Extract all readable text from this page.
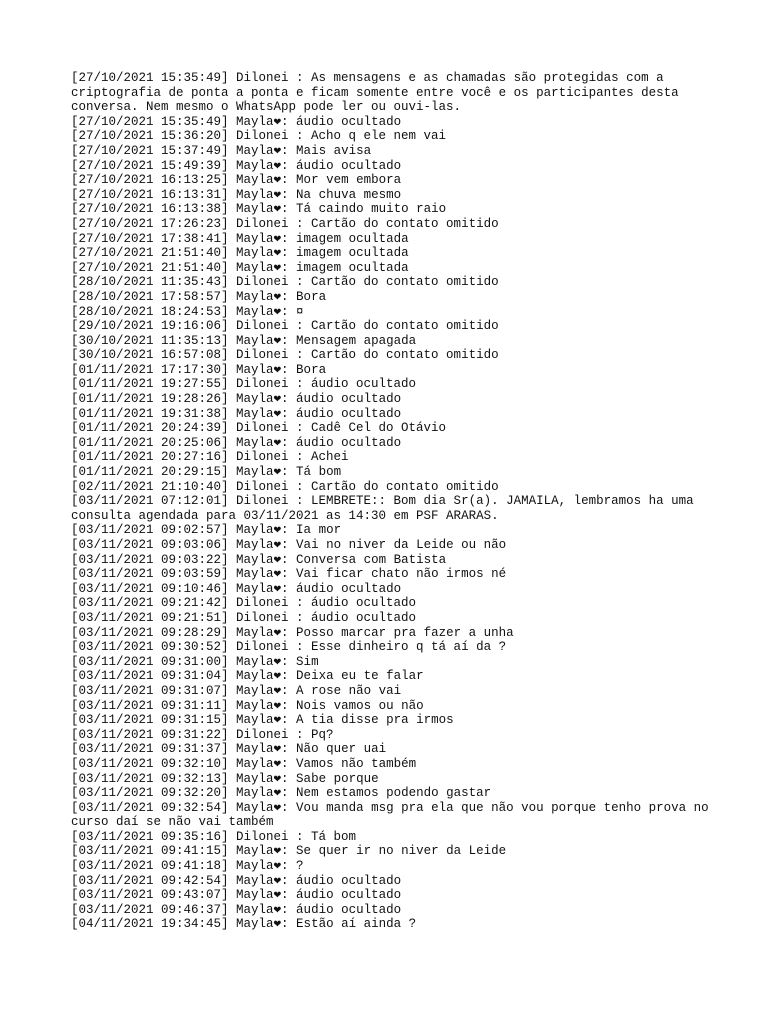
[27/10/2021 15:35:49] Dilonei : As mensagens e as chamadas são protegidas com a criptografia de ponta a ponta e ficam somente entre você e os participantes desta conversa. Nem mesmo o WhatsApp pode ler ou ouvi-las.
[27/10/2021 15:35:49] Mayla❤: áudio ocultado
[27/10/2021 15:36:20] Dilonei : Acho q ele nem vai
[27/10/2021 15:37:49] Mayla❤: Mais avisa
[27/10/2021 15:49:39] Mayla❤: áudio ocultado
[27/10/2021 16:13:25] Mayla❤: Mor vem embora
[27/10/2021 16:13:31] Mayla❤: Na chuva mesmo
[27/10/2021 16:13:38] Mayla❤: Tá caindo muito raio
[27/10/2021 17:26:23] Dilonei : Cartão do contato omitido
[27/10/2021 17:38:41] Mayla❤: imagem ocultada
[27/10/2021 21:51:40] Mayla❤: imagem ocultada
[27/10/2021 21:51:40] Mayla❤: imagem ocultada
[28/10/2021 11:35:43] Dilonei : Cartão do contato omitido
[28/10/2021 17:58:57] Mayla❤: Bora
[28/10/2021 18:24:53] Mayla❤: ¤
[29/10/2021 19:16:06] Dilonei : Cartão do contato omitido
[30/10/2021 11:35:13] Mayla❤: Mensagem apagada
[30/10/2021 16:57:08] Dilonei : Cartão do contato omitido
[01/11/2021 17:17:30] Mayla❤: Bora
[01/11/2021 19:27:55] Dilonei : áudio ocultado
[01/11/2021 19:28:26] Mayla❤: áudio ocultado
[01/11/2021 19:31:38] Mayla❤: áudio ocultado
[01/11/2021 20:24:39] Dilonei : Cadê Cel do Otávio
[01/11/2021 20:25:06] Mayla❤: áudio ocultado
[01/11/2021 20:27:16] Dilonei : Achei
[01/11/2021 20:29:15] Mayla❤: Tá bom
[02/11/2021 21:10:40] Dilonei : Cartão do contato omitido
[03/11/2021 07:12:01] Dilonei : LEMBRETE:: Bom dia Sr(a). JAMAILA, lembramos ha uma consulta agendada para 03/11/2021 as 14:30 em PSF ARARAS.
[03/11/2021 09:02:57] Mayla❤: Ia mor
[03/11/2021 09:03:06] Mayla❤: Vai no niver da Leide ou não
[03/11/2021 09:03:22] Mayla❤: Conversa com Batista
[03/11/2021 09:03:59] Mayla❤: Vai ficar chato não irmos né
[03/11/2021 09:10:46] Mayla❤: áudio ocultado
[03/11/2021 09:21:42] Dilonei : áudio ocultado
[03/11/2021 09:21:51] Dilonei : áudio ocultado
[03/11/2021 09:28:29] Mayla❤: Posso marcar pra fazer a unha
[03/11/2021 09:30:52] Dilonei : Esse dinheiro q tá aí da ?
[03/11/2021 09:31:00] Mayla❤: Sim
[03/11/2021 09:31:04] Mayla❤: Deixa eu te falar
[03/11/2021 09:31:07] Mayla❤: A rose não vai
[03/11/2021 09:31:11] Mayla❤: Nois vamos ou não
[03/11/2021 09:31:15] Mayla❤: A tia disse pra irmos
[03/11/2021 09:31:22] Dilonei : Pq?
[03/11/2021 09:31:37] Mayla❤: Não quer uai
[03/11/2021 09:32:10] Mayla❤: Vamos não também
[03/11/2021 09:32:13] Mayla❤: Sabe porque
[03/11/2021 09:32:20] Mayla❤: Nem estamos podendo gastar
[03/11/2021 09:32:54] Mayla❤: Vou manda msg pra ela que não vou porque tenho prova no curso daí se não vai também
[03/11/2021 09:35:16] Dilonei : Tá bom
[03/11/2021 09:41:15] Mayla❤: Se quer ir no niver da Leide
[03/11/2021 09:41:18] Mayla❤: ?
[03/11/2021 09:42:54] Mayla❤: áudio ocultado
[03/11/2021 09:43:07] Mayla❤: áudio ocultado
[03/11/2021 09:46:37] Mayla❤: áudio ocultado
[04/11/2021 19:34:45] Mayla❤: Estão aí ainda ?
